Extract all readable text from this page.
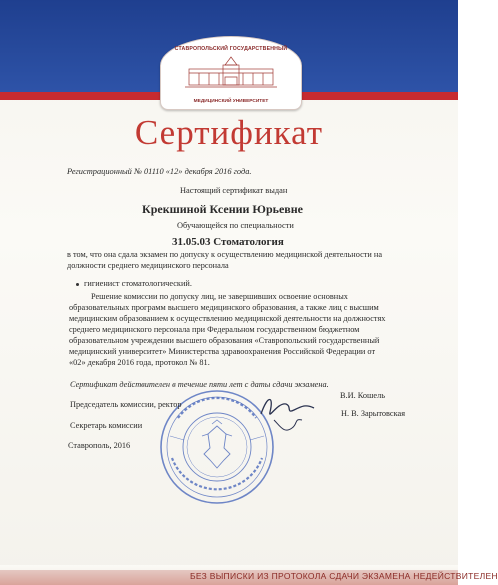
СТАВРОПОЛЬСКИЙ ГОСУДАРСТВЕННЫЙ
МЕДИЦИНСКИЙ УНИВЕРСИТЕТ
Сертификат
Регистрационный № 01110 «12» декабря 2016 года.
Настоящий сертификат выдан
Крекшиной Ксении Юрьевне
Обучающейся по специальности
31.05.03 Стоматология
в том, что она сдала экзамен по допуску к осуществлению медицинской деятельности на
должности среднего медицинского персонала
гигиенист стоматологический.
Решение комиссии по допуску лиц, не завершивших освоение основных
образовательных программ высшего медицинского образования, а также лиц с высшим
медицинским образованием к осуществлению медицинской деятельности на должностях
среднего медицинского персонала при Федеральном государственном бюджетном
образовательном учреждении высшего образования «Ставропольский государственный
медицинский университет» Министерства здравоохранения Российской Федерации от
«02» декабря 2016 года, протокол № 81.
Сертификат действителен в течение пяти лет с даты сдачи экзамена.
Председатель комиссии, ректор
В.И. Кошель
Секретарь комиссии
Н. В. Зарытовская
Ставрополь, 2016
БЕЗ ВЫПИСКИ ИЗ ПРОТОКОЛА СДАЧИ ЭКЗАМЕНА НЕДЕЙСТВИТЕЛЕН
